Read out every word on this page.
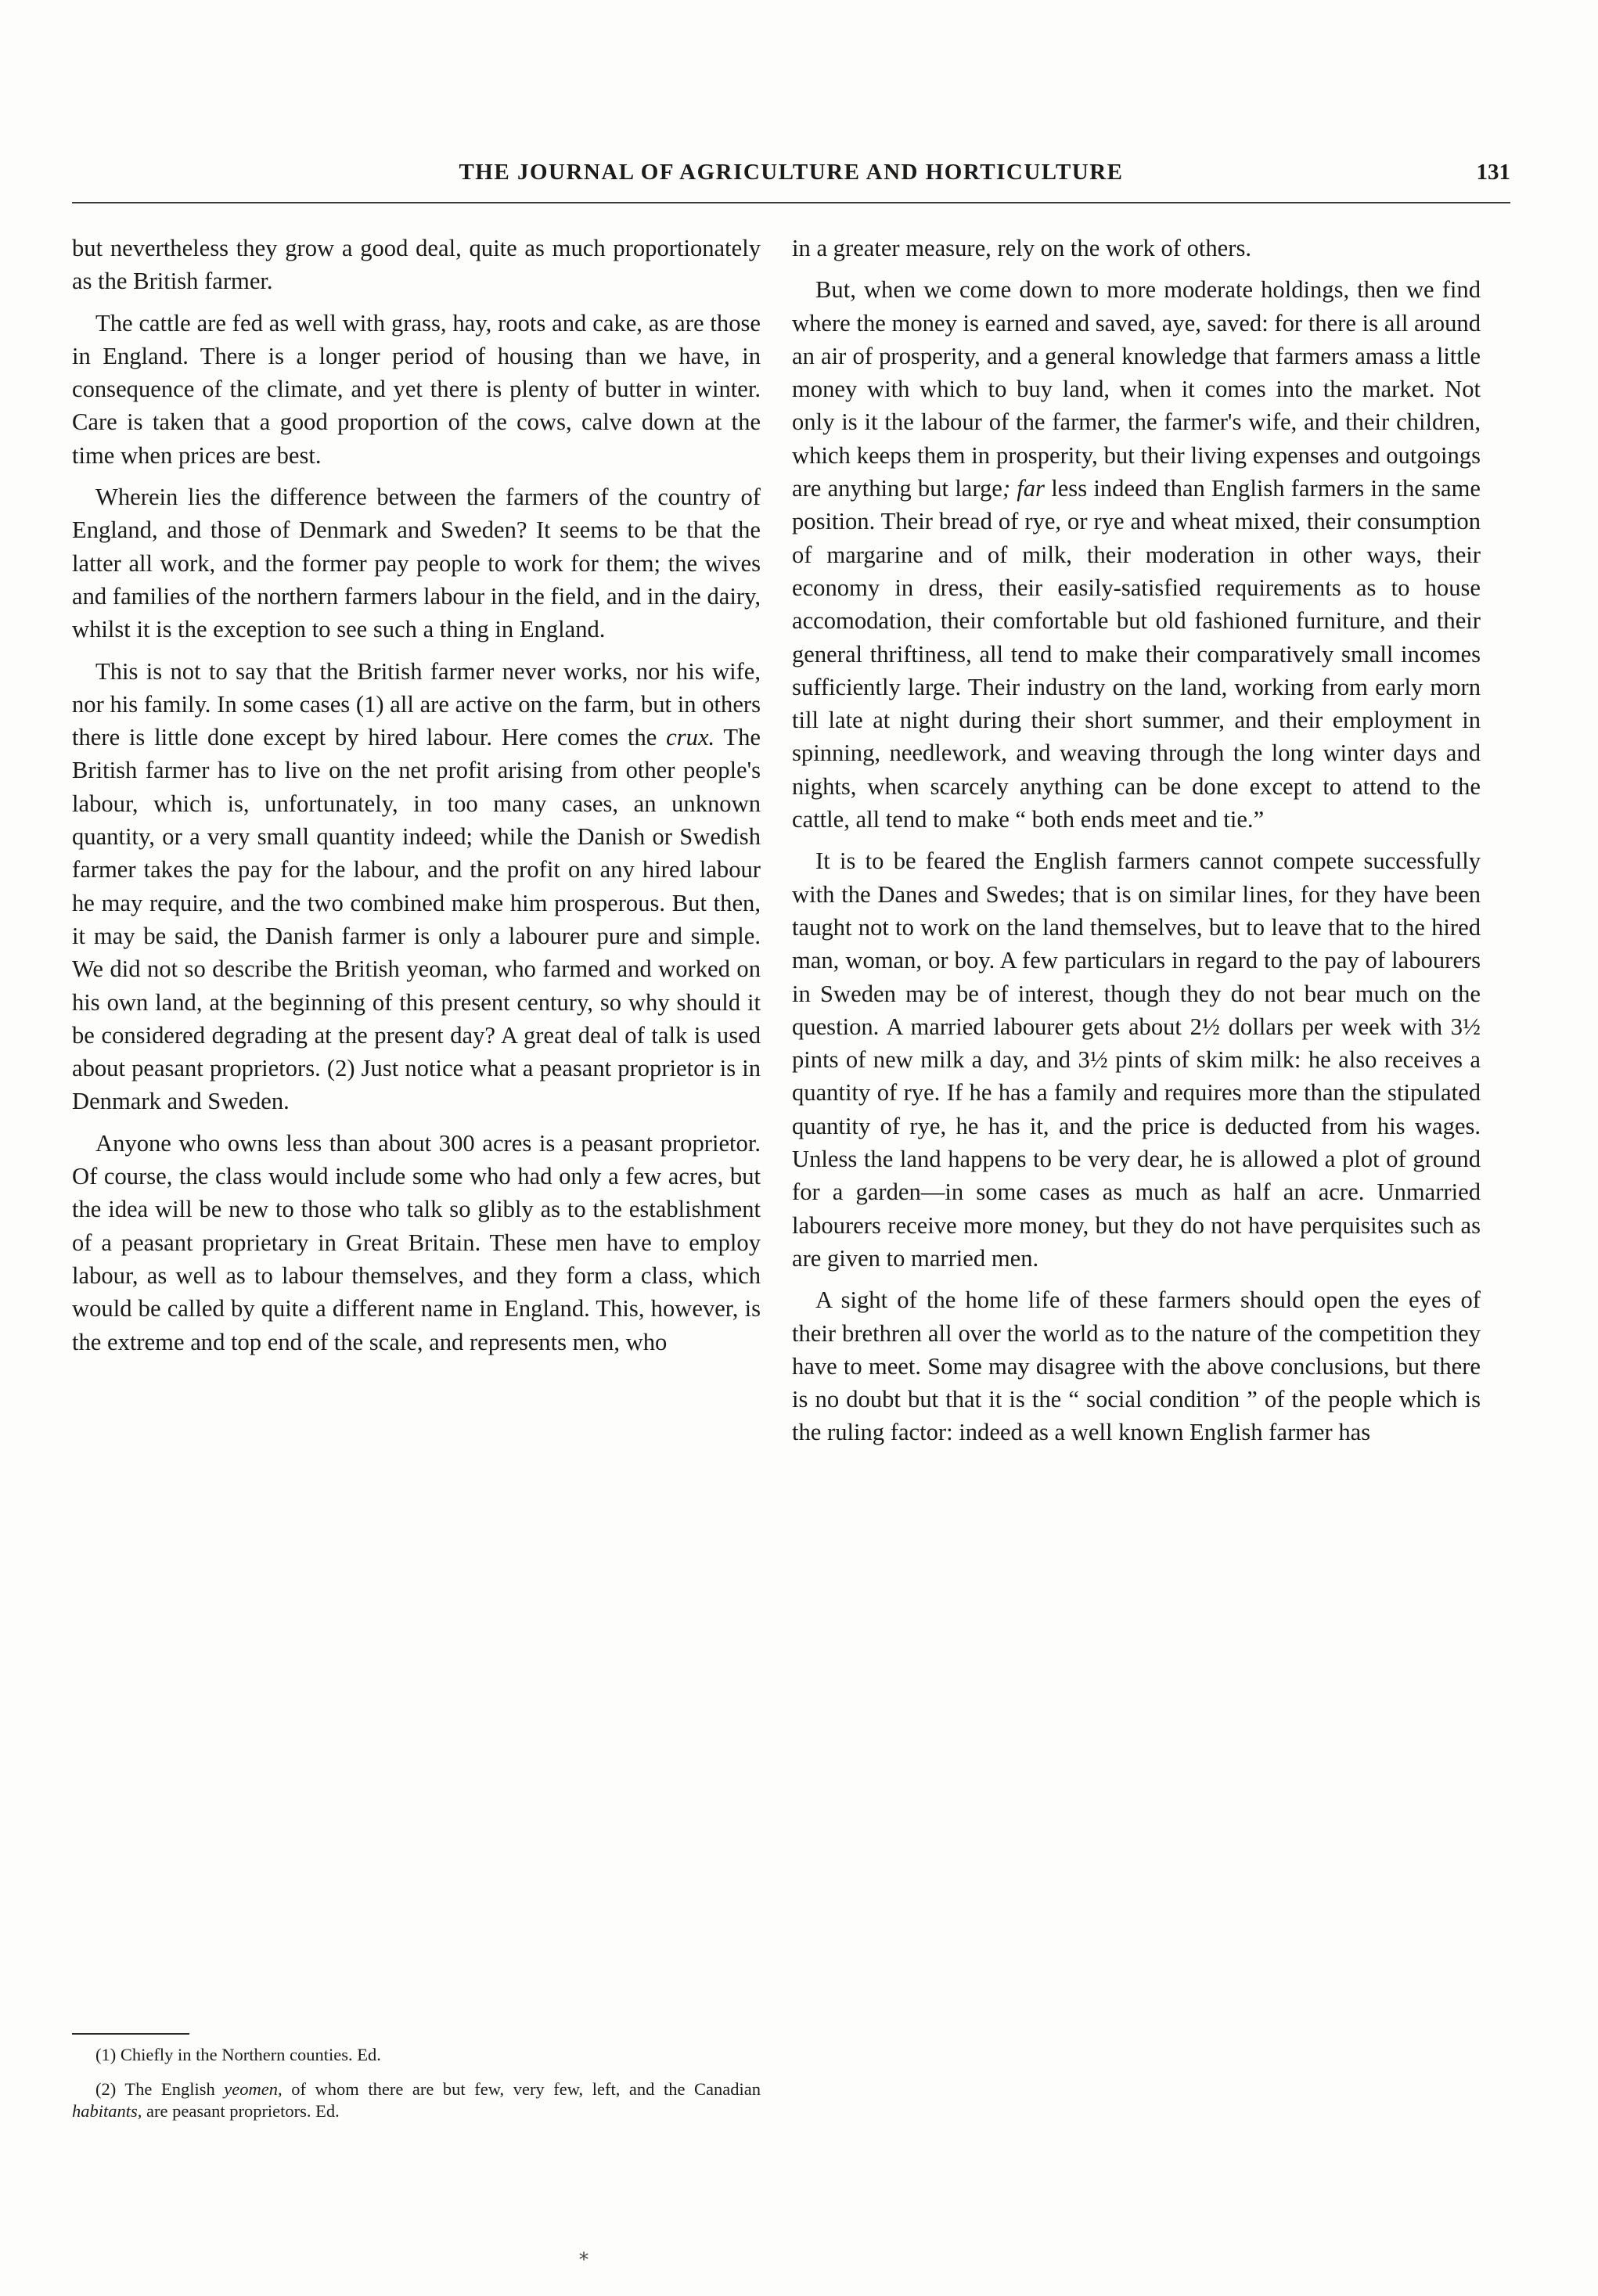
THE JOURNAL OF AGRICULTURE AND HORTICULTURE	131

but nevertheless they grow a good deal, quite as much proportionately as the British farmer.

The cattle are fed as well with grass, hay, roots and cake, as are those in England. There is a longer period of housing than we have, in consequence of the climate, and yet there is plenty of butter in winter. Care is taken that a good proportion of the cows, calve down at the time when prices are best.

Wherein lies the difference between the farmers of the country of England, and those of Denmark and Sweden? It seems to be that the latter all work, and the former pay people to work for them; the wives and families of the northern farmers labour in the field, and in the dairy, whilst it is the exception to see such a thing in England.

This is not to say that the British farmer never works, nor his wife, nor his family. In some cases (1) all are active on the farm, but in others there is little done except by hired labour. Here comes the crux. The British farmer has to live on the net profit arising from other people's labour, which is, unfortunately, in too many cases, an unknown quantity, or a very small quantity indeed; while the Danish or Swedish farmer takes the pay for the labour, and the profit on any hired labour he may require, and the two combined make him prosperous. But then, it may be said, the Danish farmer is only a labourer pure and simple. We did not so describe the British yeoman, who farmed and worked on his own land, at the beginning of this present century, so why should it be considered degrading at the present day? A great deal of talk is used about peasant proprietors. (2) Just notice what a peasant proprietor is in Denmark and Sweden.

Anyone who owns less than about 300 acres is a peasant proprietor. Of course, the class would include some who had only a few acres, but the idea will be new to those who talk so glibly as to the establishment of a peasant proprietary in Great Britain. These men have to employ labour, as well as to labour themselves, and they form a class, which would be called by quite a different name in England. This, however, is the extreme and top end of the scale, and represents men, who

(1) Chiefly in the Northern counties. Ed.

(2) The English yeomen, of whom there are but few, very few, left, and the Canadian habitants, are peasant proprietors. Ed.

in a greater measure, rely on the work of others.

But, when we come down to more moderate holdings, then we find where the money is earned and saved, aye, saved: for there is all around an air of prosperity, and a general knowledge that farmers amass a little money with which to buy land, when it comes into the market. Not only is it the labour of the farmer, the farmer's wife, and their children, which keeps them in prosperity, but their living expenses and outgoings are anything but large; far less indeed than English farmers in the same position. Their bread of rye, or rye and wheat mixed, their consumption of margarine and of milk, their moderation in other ways, their economy in dress, their easily-satisfied requirements as to house accomodation, their comfortable but old fashioned furniture, and their general thriftiness, all tend to make their comparatively small incomes sufficiently large. Their industry on the land, working from early morn till late at night during their short summer, and their employment in spinning, needlework, and weaving through the long winter days and nights, when scarcely anything can be done except to attend to the cattle, all tend to make “ both ends meet and tie.”

It is to be feared the English farmers cannot compete successfully with the Danes and Swedes; that is on similar lines, for they have been taught not to work on the land themselves, but to leave that to the hired man, woman, or boy. A few particulars in regard to the pay of labourers in Sweden may be of interest, though they do not bear much on the question. A married labourer gets about 2½ dollars per week with 3½ pints of new milk a day, and 3½ pints of skim milk: he also receives a quantity of rye. If he has a family and requires more than the stipulated quantity of rye, he has it, and the price is deducted from his wages. Unless the land happens to be very dear, he is allowed a plot of ground for a garden—in some cases as much as half an acre. Unmarried labourers receive more money, but they do not have perquisites such as are given to married men.

A sight of the home life of these farmers should open the eyes of their brethren all over the world as to the nature of the competition they have to meet. Some may disagree with the above conclusions, but there is no doubt but that it is the “ social condition ” of the people which is the ruling factor: indeed as a well known English farmer has

⁎
